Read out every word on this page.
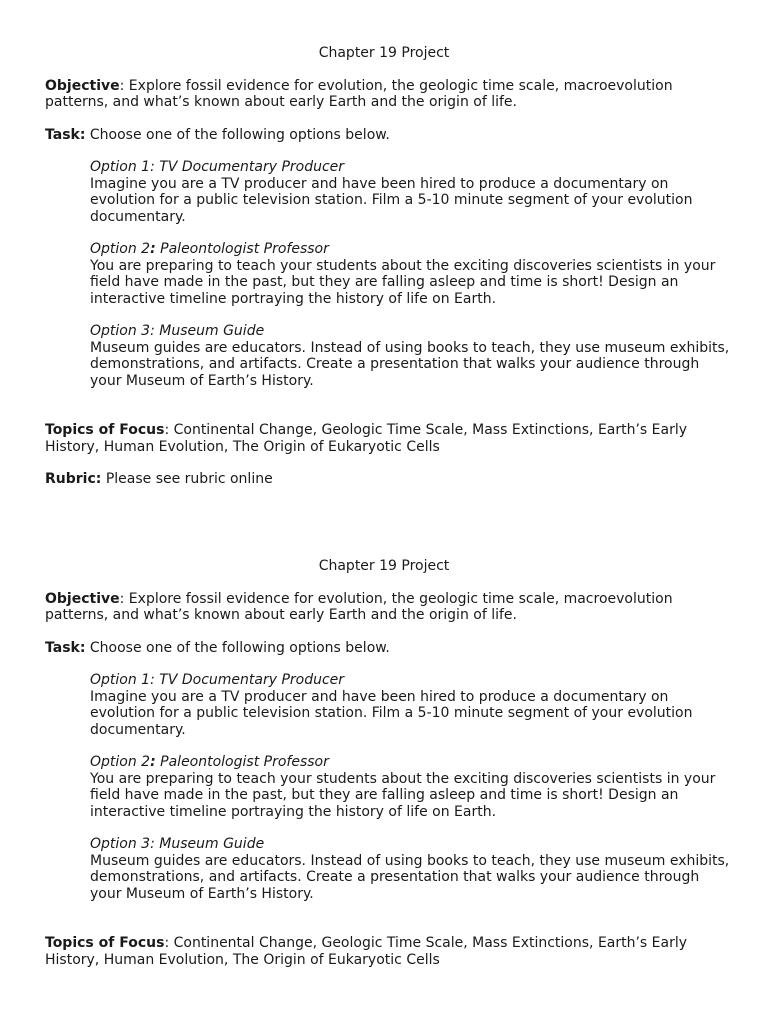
Chapter 19 Project
Objective: Explore fossil evidence for evolution, the geologic time scale, macroevolution patterns, and what’s known about early Earth and the origin of life.
Task: Choose one of the following options below.
Option 1: TV Documentary Producer
Imagine you are a TV producer and have been hired to produce a documentary on evolution for a public television station. Film a 5-10 minute segment of your evolution documentary.
Option 2: Paleontologist Professor
You are preparing to teach your students about the exciting discoveries scientists in your field have made in the past, but they are falling asleep and time is short! Design an interactive timeline portraying the history of life on Earth.
Option 3: Museum Guide
Museum guides are educators. Instead of using books to teach, they use museum exhibits, demonstrations, and artifacts. Create a presentation that walks your audience through your Museum of Earth’s History.
Topics of Focus: Continental Change, Geologic Time Scale, Mass Extinctions, Earth’s Early History, Human Evolution, The Origin of Eukaryotic Cells
Rubric: Please see rubric online
Chapter 19 Project
Objective: Explore fossil evidence for evolution, the geologic time scale, macroevolution patterns, and what’s known about early Earth and the origin of life.
Task: Choose one of the following options below.
Option 1: TV Documentary Producer
Imagine you are a TV producer and have been hired to produce a documentary on evolution for a public television station. Film a 5-10 minute segment of your evolution documentary.
Option 2: Paleontologist Professor
You are preparing to teach your students about the exciting discoveries scientists in your field have made in the past, but they are falling asleep and time is short! Design an interactive timeline portraying the history of life on Earth.
Option 3: Museum Guide
Museum guides are educators. Instead of using books to teach, they use museum exhibits, demonstrations, and artifacts. Create a presentation that walks your audience through your Museum of Earth’s History.
Topics of Focus: Continental Change, Geologic Time Scale, Mass Extinctions, Earth’s Early History, Human Evolution, The Origin of Eukaryotic Cells
